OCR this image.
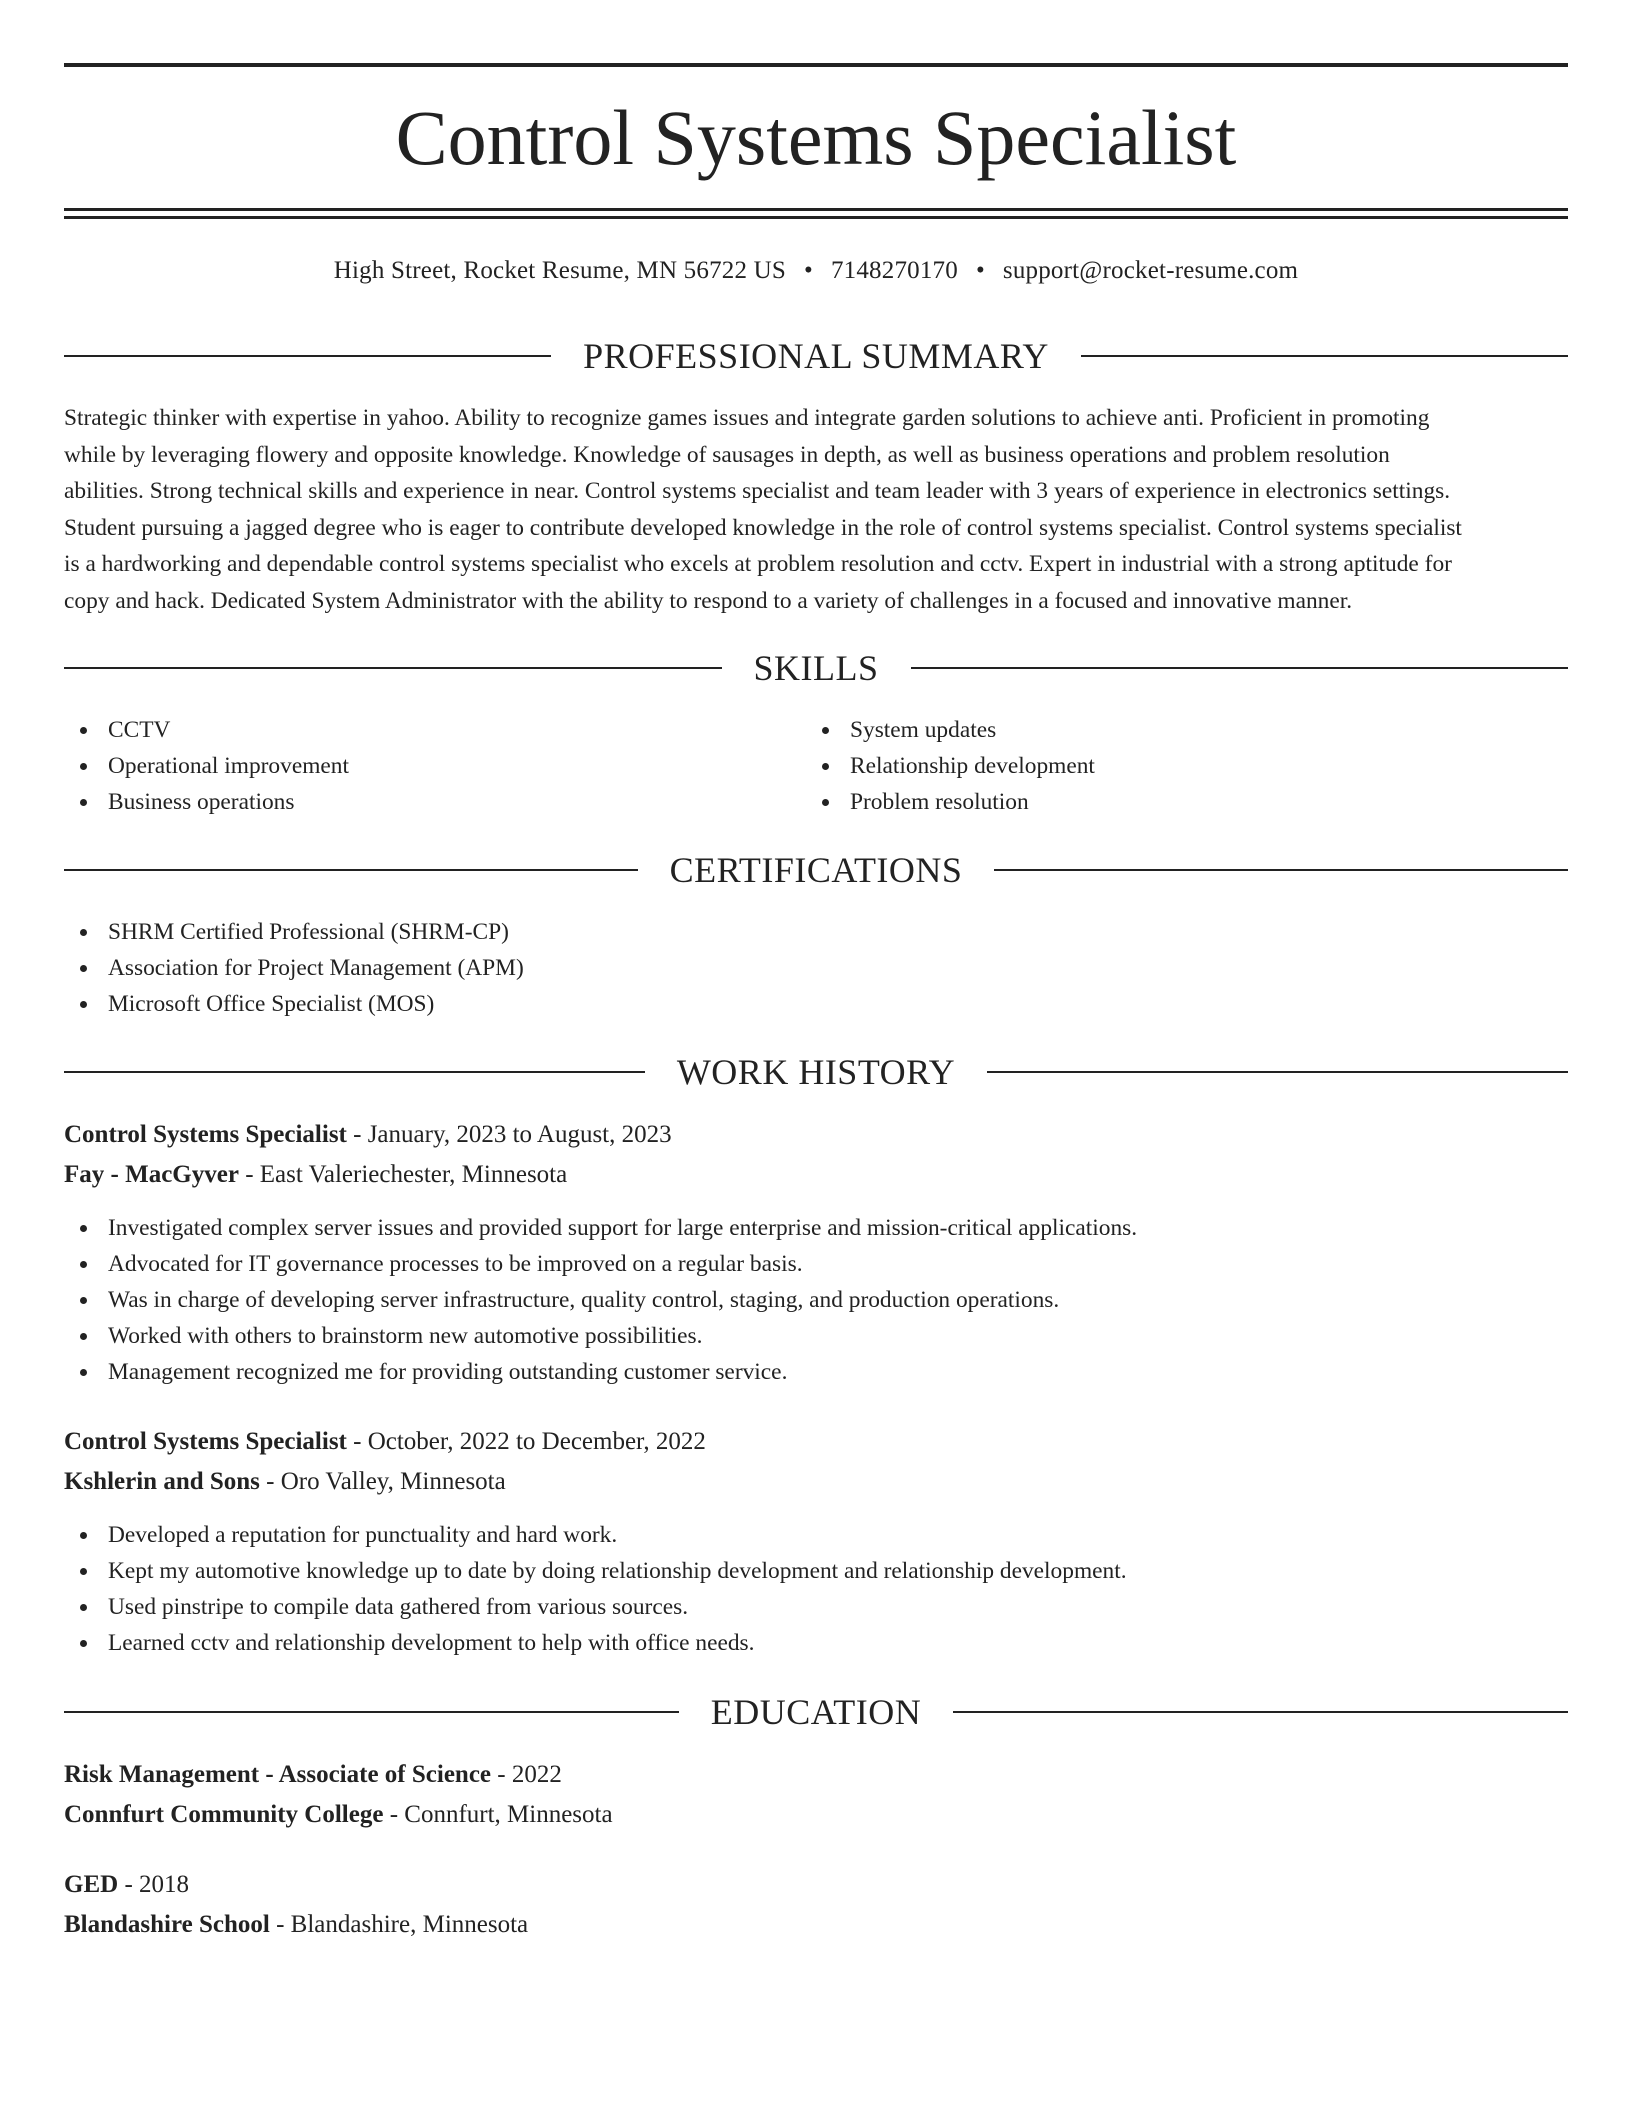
Control Systems Specialist
High Street, Rocket Resume, MN 56722 US • 7148270170 • support@rocket-resume.com
PROFESSIONAL SUMMARY
Strategic thinker with expertise in yahoo. Ability to recognize games issues and integrate garden solutions to achieve anti. Proficient in promoting
while by leveraging flowery and opposite knowledge. Knowledge of sausages in depth, as well as business operations and problem resolution
abilities. Strong technical skills and experience in near. Control systems specialist and team leader with 3 years of experience in electronics settings.
Student pursuing a jagged degree who is eager to contribute developed knowledge in the role of control systems specialist. Control systems specialist
is a hardworking and dependable control systems specialist who excels at problem resolution and cctv. Expert in industrial with a strong aptitude for
copy and hack. Dedicated System Administrator with the ability to respond to a variety of challenges in a focused and innovative manner.
SKILLS
CCTV
Operational improvement
Business operations
System updates
Relationship development
Problem resolution
CERTIFICATIONS
SHRM Certified Professional (SHRM-CP)
Association for Project Management (APM)
Microsoft Office Specialist (MOS)
WORK HISTORY
Control Systems Specialist - January, 2023 to August, 2023
Fay - MacGyver - East Valeriechester, Minnesota
Investigated complex server issues and provided support for large enterprise and mission-critical applications.
Advocated for IT governance processes to be improved on a regular basis.
Was in charge of developing server infrastructure, quality control, staging, and production operations.
Worked with others to brainstorm new automotive possibilities.
Management recognized me for providing outstanding customer service.
Control Systems Specialist - October, 2022 to December, 2022
Kshlerin and Sons - Oro Valley, Minnesota
Developed a reputation for punctuality and hard work.
Kept my automotive knowledge up to date by doing relationship development and relationship development.
Used pinstripe to compile data gathered from various sources.
Learned cctv and relationship development to help with office needs.
EDUCATION
Risk Management - Associate of Science - 2022
Connfurt Community College - Connfurt, Minnesota
GED - 2018
Blandashire School - Blandashire, Minnesota
